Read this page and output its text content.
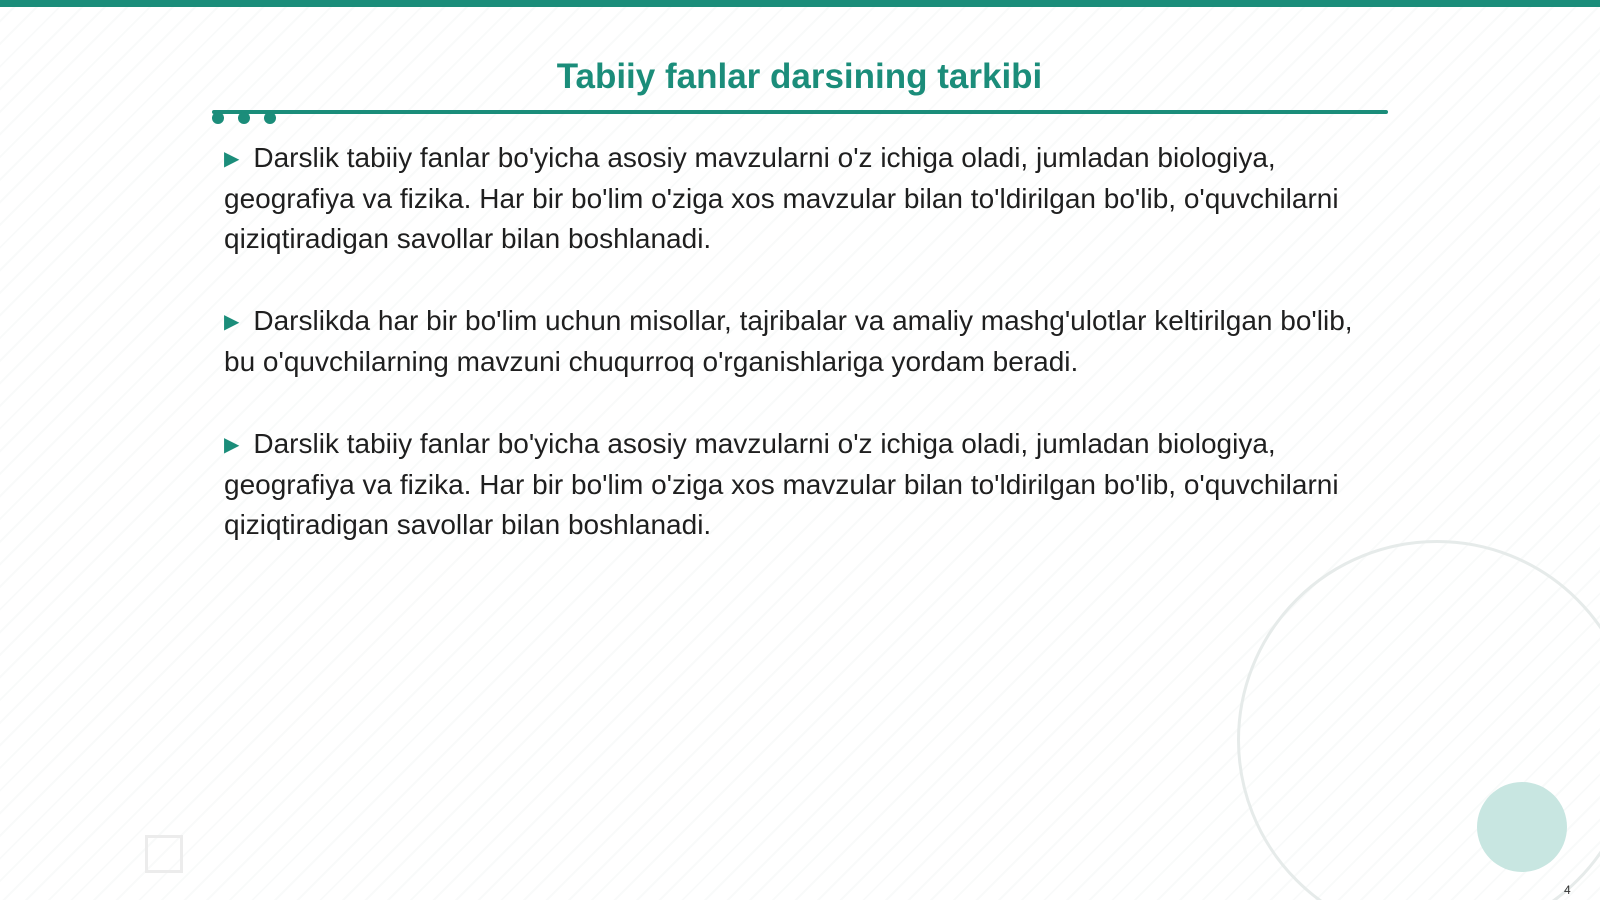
Tabiiy fanlar darsining tarkibi

▶ Darslik tabiiy fanlar bo'yicha asosiy mavzularni o'z ichiga oladi, jumladan biologiya, geografiya va fizika. Har bir bo'lim o'ziga xos mavzular bilan to'ldirilgan bo'lib, o'quvchilarni qiziqtiradigan savollar bilan boshlanadi.

▶ Darslikda har bir bo'lim uchun misollar, tajribalar va amaliy mashg'ulotlar keltirilgan bo'lib, bu o'quvchilarning mavzuni chuqurroq o'rganishlariga yordam beradi.

▶ Darslik tabiiy fanlar bo'yicha asosiy mavzularni o'z ichiga oladi, jumladan biologiya, geografiya va fizika. Har bir bo'lim o'ziga xos mavzular bilan to'ldirilgan bo'lib, o'quvchilarni qiziqtiradigan savollar bilan boshlanadi.

4
